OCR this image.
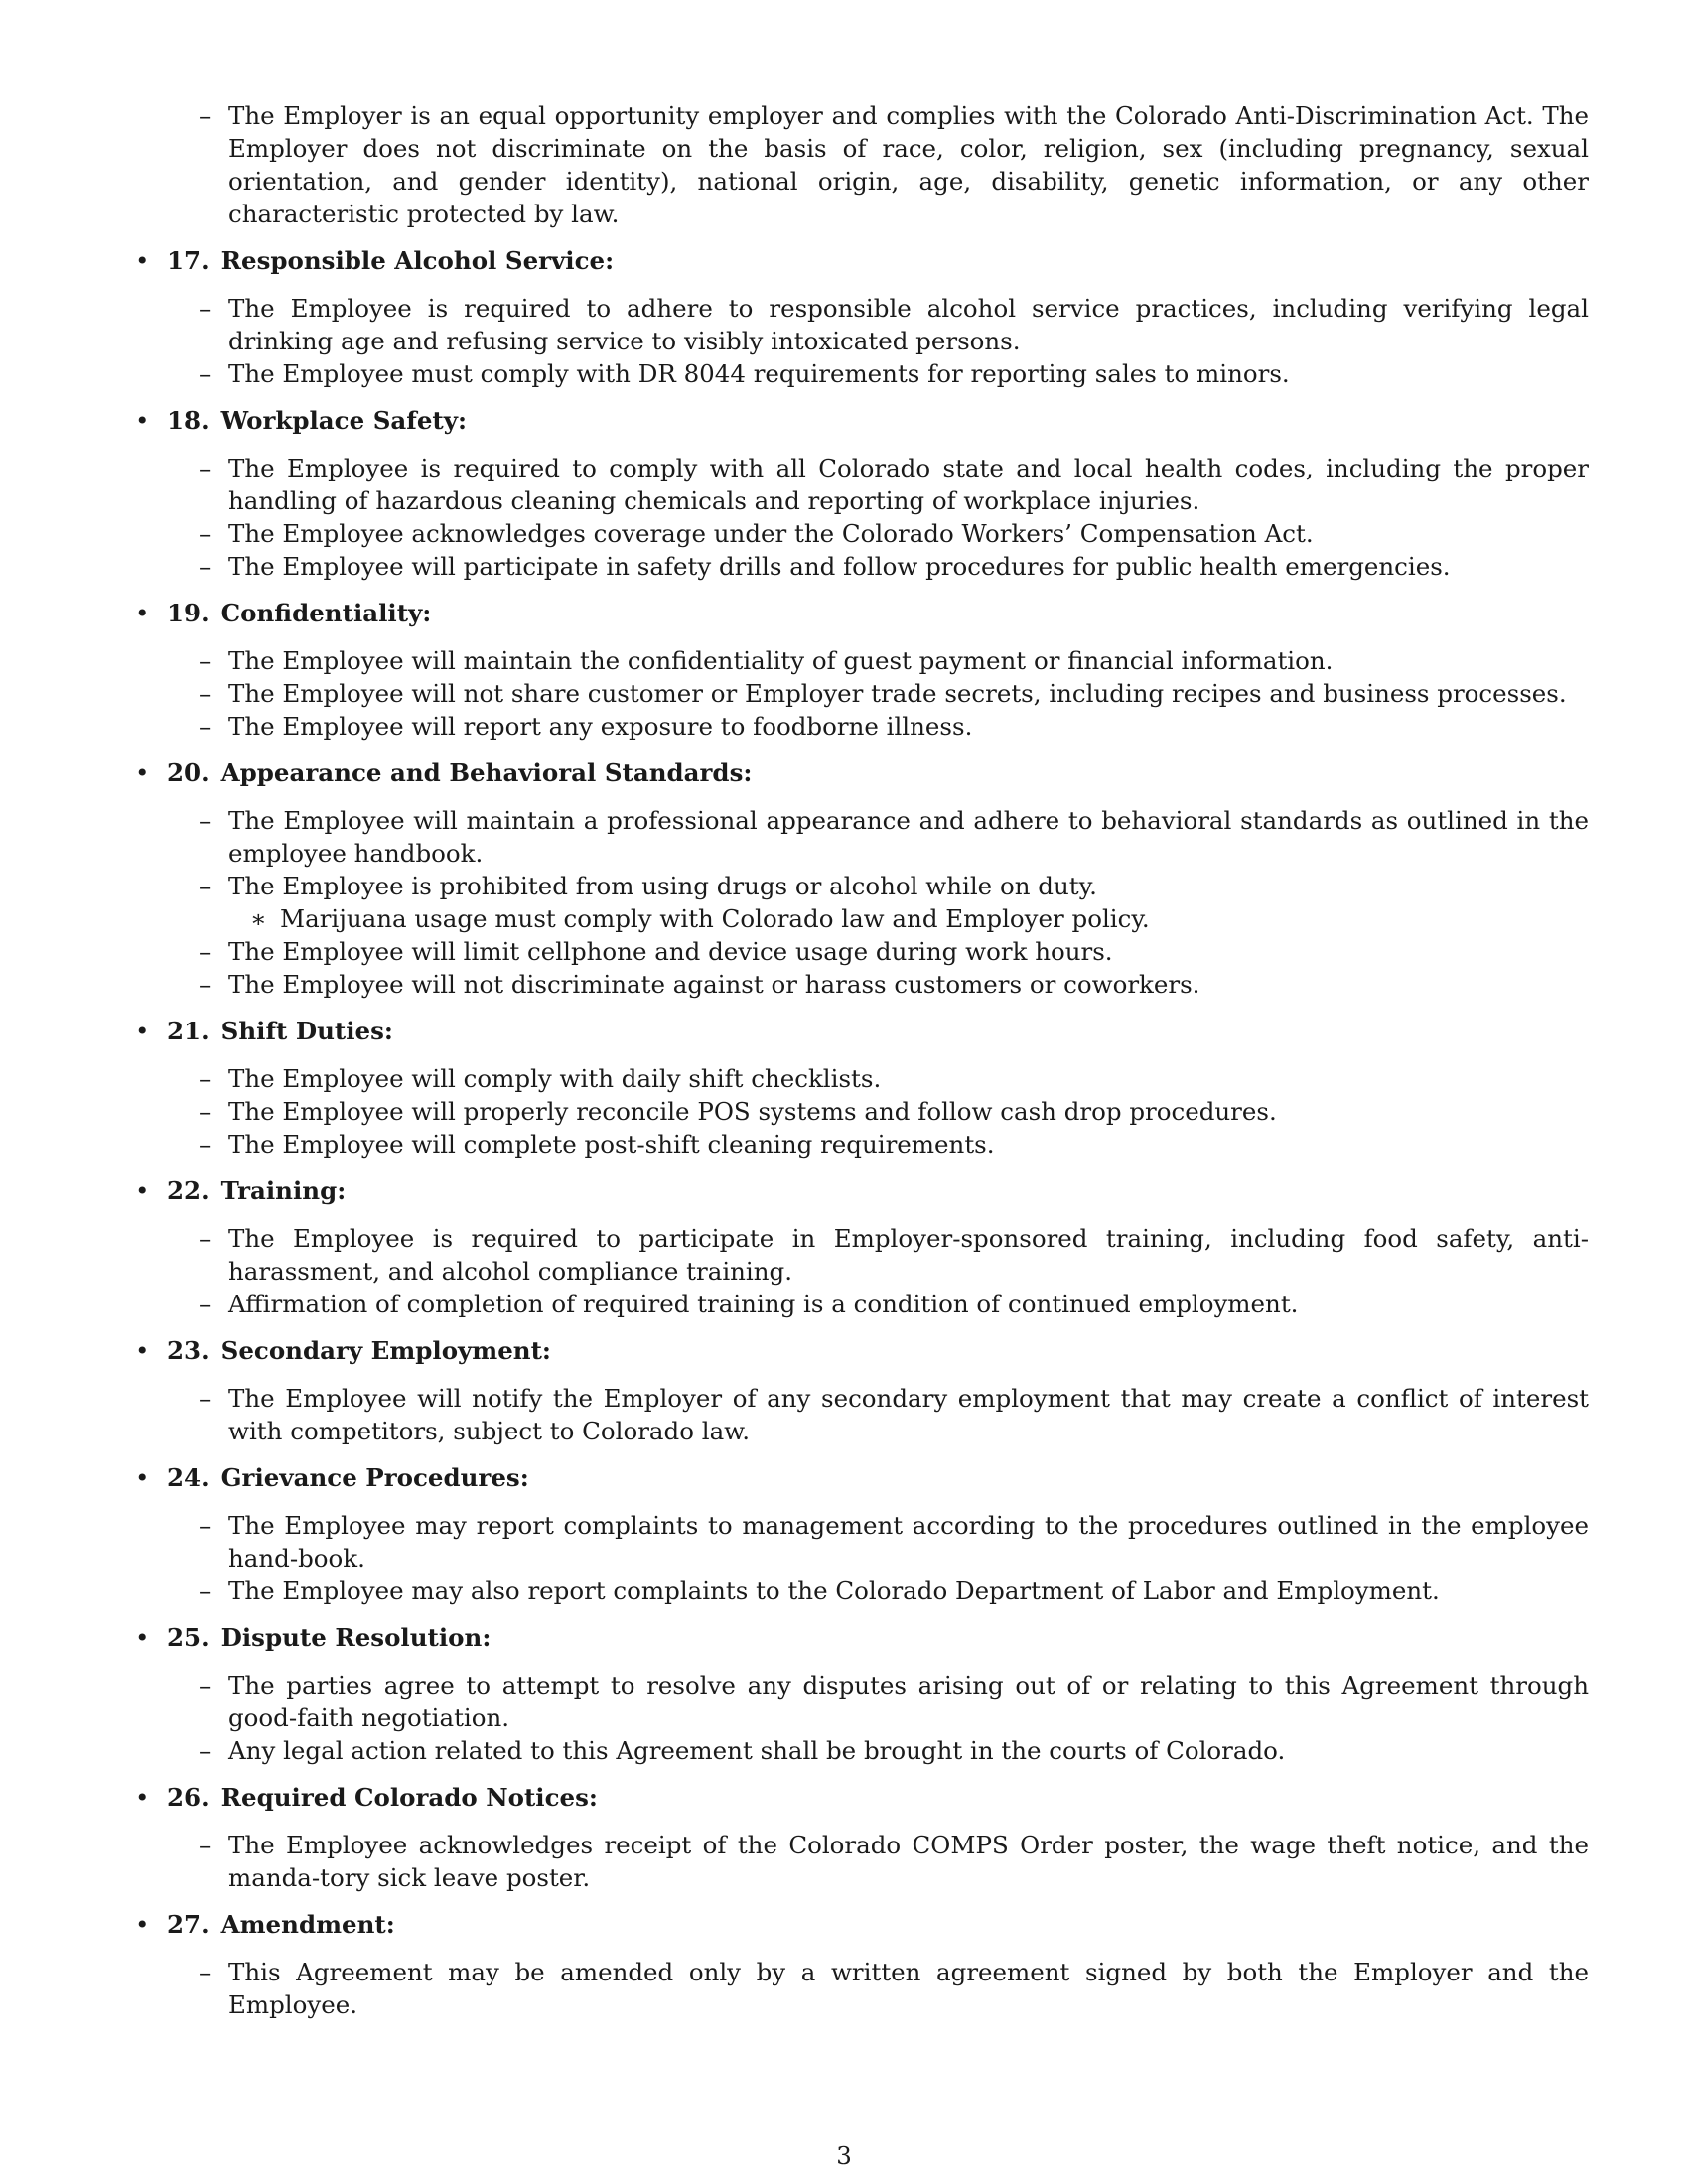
– The Employer is an equal opportunity employer and complies with the Colorado Anti-Discrimination Act. The Employer does not discriminate on the basis of race, color, religion, sex (including pregnancy, sexual orientation, and gender identity), national origin, age, disability, genetic information, or any other characteristic protected by law.
• 17. Responsible Alcohol Service:
– The Employee is required to adhere to responsible alcohol service practices, including verifying legal drinking age and refusing service to visibly intoxicated persons.
– The Employee must comply with DR 8044 requirements for reporting sales to minors.
• 18. Workplace Safety:
– The Employee is required to comply with all Colorado state and local health codes, including the proper handling of hazardous cleaning chemicals and reporting of workplace injuries.
– The Employee acknowledges coverage under the Colorado Workers’ Compensation Act.
– The Employee will participate in safety drills and follow procedures for public health emergencies.
• 19. Confidentiality:
– The Employee will maintain the confidentiality of guest payment or financial information.
– The Employee will not share customer or Employer trade secrets, including recipes and business processes.
– The Employee will report any exposure to foodborne illness.
• 20. Appearance and Behavioral Standards:
– The Employee will maintain a professional appearance and adhere to behavioral standards as outlined in the employee handbook.
– The Employee is prohibited from using drugs or alcohol while on duty.
∗ Marijuana usage must comply with Colorado law and Employer policy.
– The Employee will limit cellphone and device usage during work hours.
– The Employee will not discriminate against or harass customers or coworkers.
• 21. Shift Duties:
– The Employee will comply with daily shift checklists.
– The Employee will properly reconcile POS systems and follow cash drop procedures.
– The Employee will complete post-shift cleaning requirements.
• 22. Training:
– The Employee is required to participate in Employer-sponsored training, including food safety, anti-harassment, and alcohol compliance training.
– Affirmation of completion of required training is a condition of continued employment.
• 23. Secondary Employment:
– The Employee will notify the Employer of any secondary employment that may create a conflict of interest with competitors, subject to Colorado law.
• 24. Grievance Procedures:
– The Employee may report complaints to management according to the procedures outlined in the employee hand-book.
– The Employee may also report complaints to the Colorado Department of Labor and Employment.
• 25. Dispute Resolution:
– The parties agree to attempt to resolve any disputes arising out of or relating to this Agreement through good-faith negotiation.
– Any legal action related to this Agreement shall be brought in the courts of Colorado.
• 26. Required Colorado Notices:
– The Employee acknowledges receipt of the Colorado COMPS Order poster, the wage theft notice, and the manda-tory sick leave poster.
• 27. Amendment:
– This Agreement may be amended only by a written agreement signed by both the Employer and the Employee.
3
